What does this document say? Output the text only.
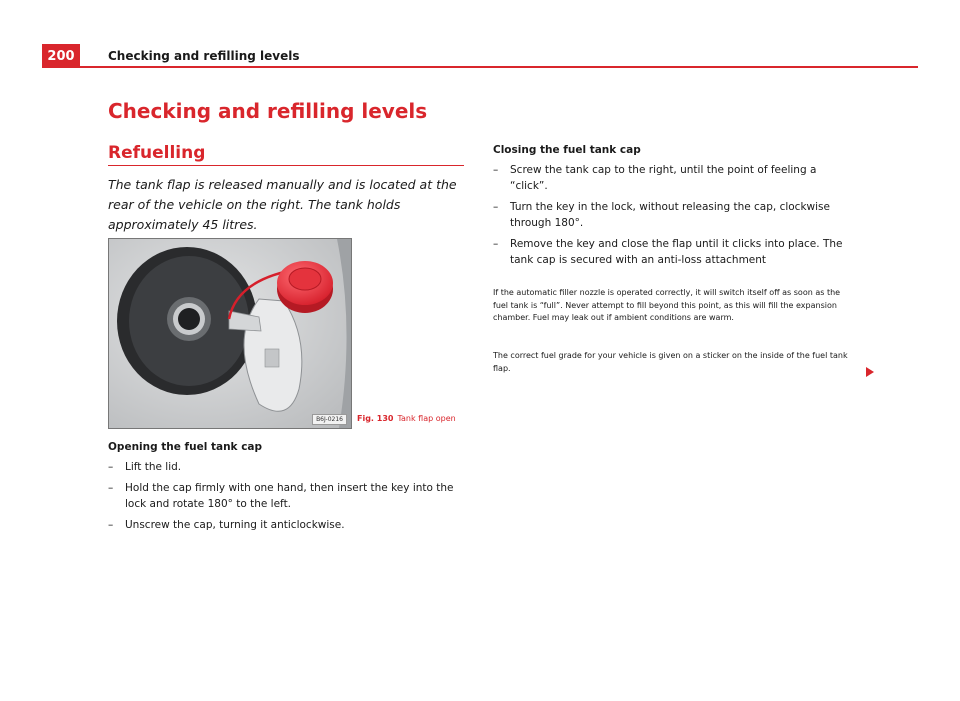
200	Checking and refilling levels
Checking and refilling levels
Refuelling

The tank flap is released manually and is located at the rear of the vehicle on the right. The tank holds approximately 45 litres.

B6J-0216	Fig. 130 Tank flap open
Opening the fuel tank cap
– Lift the lid.
– Hold the cap firmly with one hand, then insert the key into the lock and rotate 180° to the left.
– Unscrew the cap, turning it anticlockwise.
Closing the fuel tank cap
– Screw the tank cap to the right, until the point of feeling a “click”.
– Turn the key in the lock, without releasing the cap, clockwise through 180°.
– Remove the key and close the flap until it clicks into place. The tank cap is secured with an anti-loss attachment

If the automatic filler nozzle is operated correctly, it will switch itself off as soon as the fuel tank is “full”. Never attempt to fill beyond this point, as this will fill the expansion chamber. Fuel may leak out if ambient conditions are warm.

The correct fuel grade for your vehicle is given on a sticker on the inside of the fuel tank flap.
